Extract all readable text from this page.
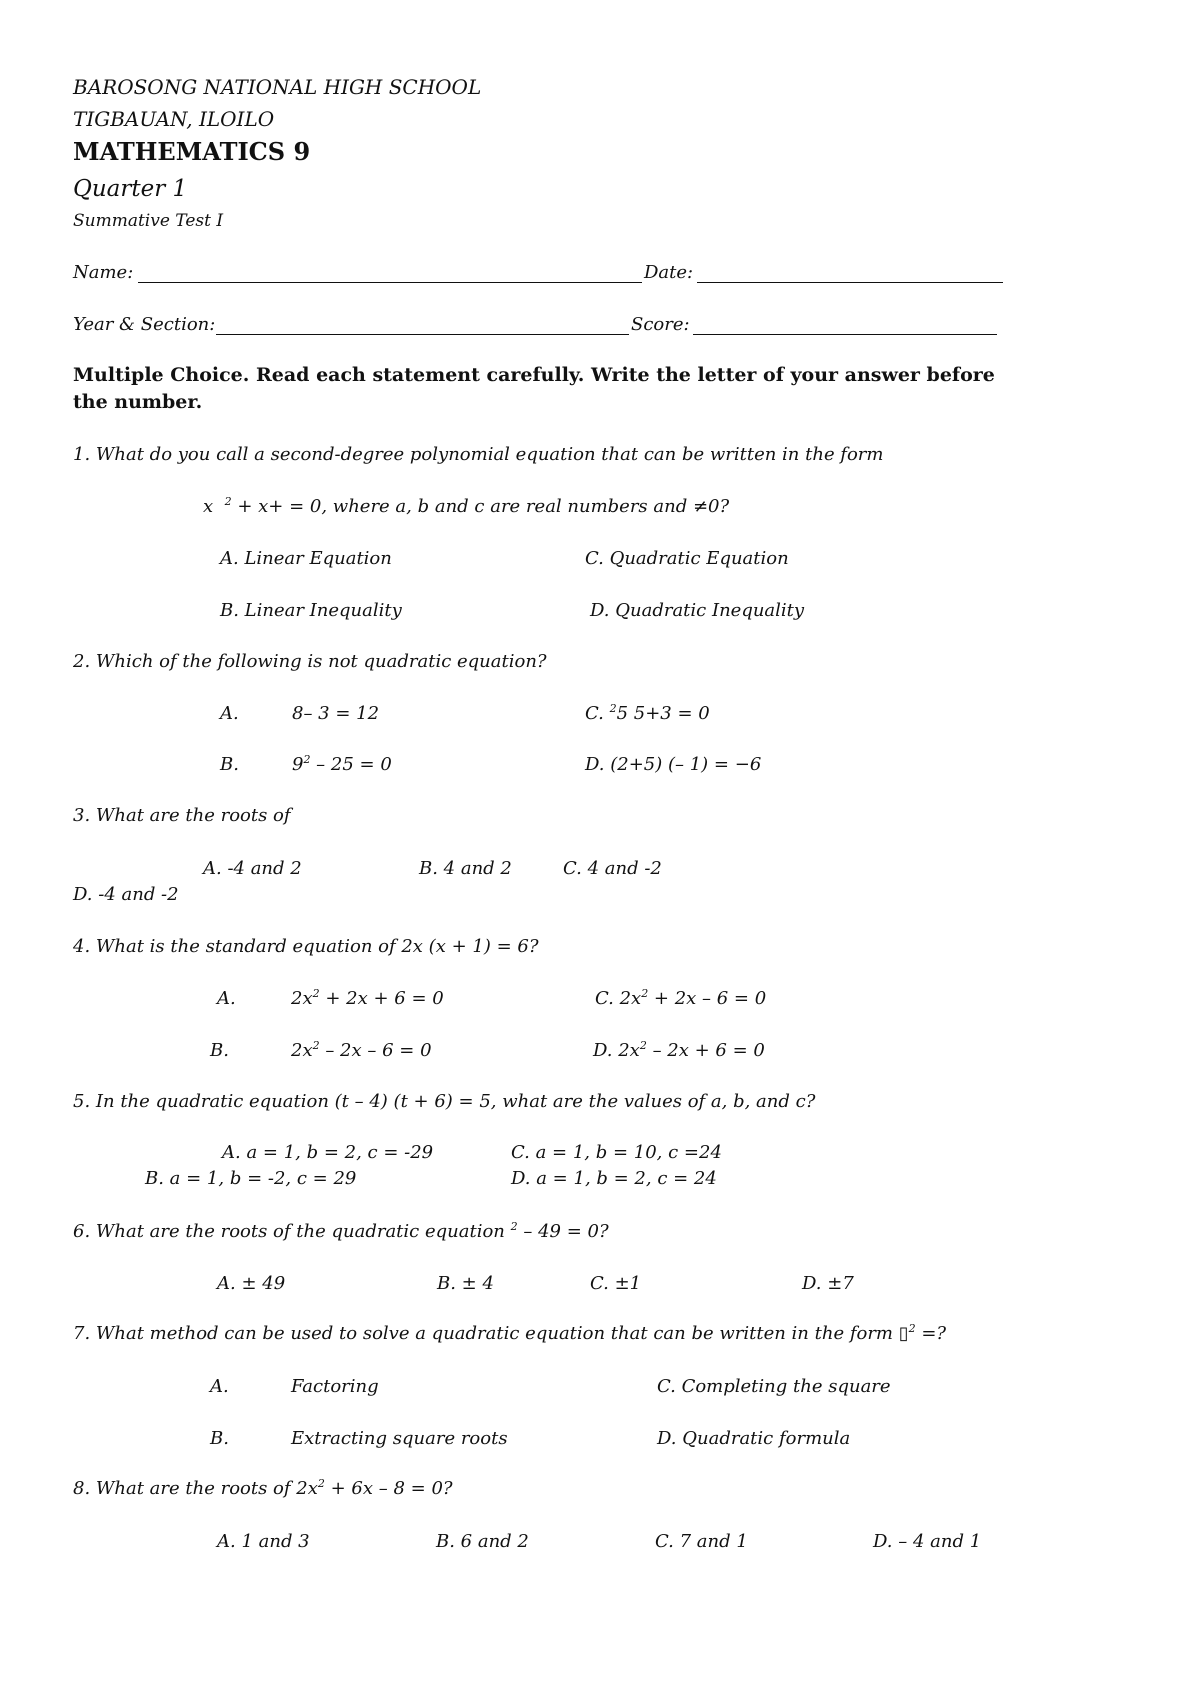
BAROSONG NATIONAL HIGH SCHOOL
TIGBAUAN, ILOILO
MATHEMATICS 9
Quarter 1
Summative Test I
Name:	Date:
Year & Section:	Score:
Multiple Choice. Read each statement carefully. Write the letter of your answer before the number.
1. What do you call a second-degree polynomial equation that can be written in the form
x $^2$ + x+ = 0, where a, b and c are real numbers and ≠0?
A. Linear Equation	C. Quadratic Equation
B. Linear Inequality	D. Quadratic Inequality
2. Which of the following is not quadratic equation?
A.	8– 3 = 12	C. $^2$5 5+3 = 0
B.	$9^2 - 25 = 0$	D. (2+5) (– 1) = −6
3. What are the roots of
A. -4 and 2	B. 4 and 2	C. 4 and -2
D. -4 and -2
4. What is the standard equation of 2x (x + 1) = 6?
A.	$2x^2 + 2x + 6 = 0$	C. $2x^2 + 2x - 6 = 0$
B.	$2x^2 - 2x - 6 = 0$	D. $2x^2 - 2x + 6 = 0$
5. In the quadratic equation (t – 4) (t + 6) = 5, what are the values of a, b, and c?
A. a = 1, b = 2, c = -29	C. a = 1, b = 10, c =24
B. a = 1, b = -2, c = 29	D. a = 1, b = 2, c = 24
6. What are the roots of the quadratic equation $^2$ – 49 = 0?
A. ± 49	B. ± 4	C. ±1	D. ±7
7. What method can be used to solve a quadratic equation that can be written in the form ▯$^2$ =?
A.	Factoring	C. Completing the square
B.	Extracting square roots	D. Quadratic formula
8. What are the roots of $2x^2 + 6x - 8 = 0$?
A. 1 and 3	B. 6 and 2	C. 7 and 1	D. – 4 and 1
